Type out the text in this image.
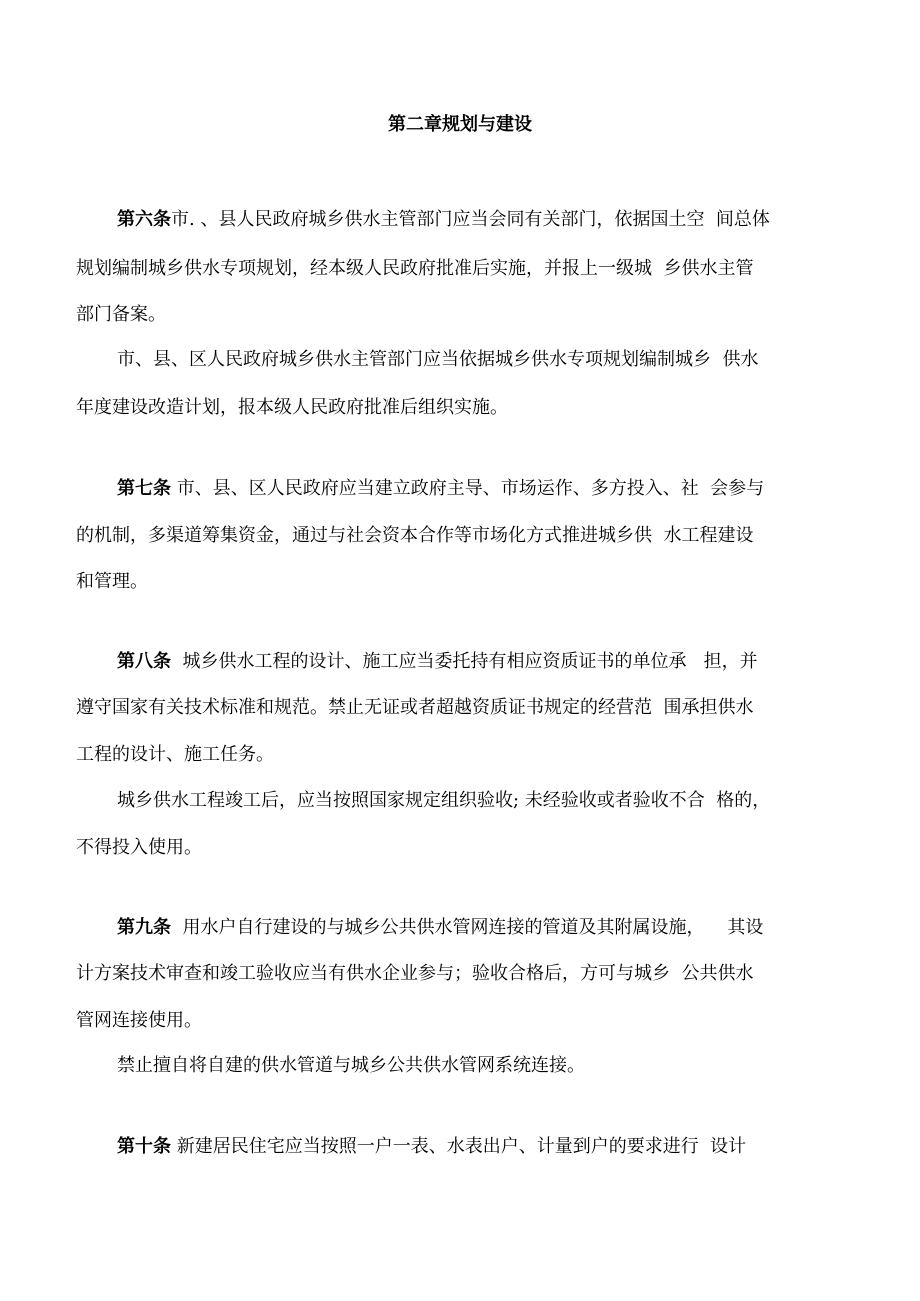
第二章规划与建设
第六条市. 、县人民政府城乡供水主管部门应当会同有关部门，依据国土空  间总体
规划编制城乡供水专项规划，经本级人民政府批准后实施，并报上一级城  乡供水主管
部门备案。
市、县、区人民政府城乡供水主管部门应当依据城乡供水专项规划编制城乡  供水
年度建设改造计划，报本级人民政府批准后组织实施。
第七条 市、县、区人民政府应当建立政府主导、市场运作、多方投入、社  会参与
的机制，多渠道筹集资金，通过与社会资本合作等市场化方式推进城乡供  水工程建设
和管理。
第八条  城乡供水工程的设计、施工应当委托持有相应资质证书的单位承   担，并
遵守国家有关技术标准和规范。禁止无证或者超越资质证书规定的经营范  围承担供水
工程的设计、施工任务。
城乡供水工程竣工后，应当按照国家规定组织验收; 未经验收或者验收不合  格的，
不得投入使用。
第九条  用水户自行建设的与城乡公共供水管网连接的管道及其附属设施，    其设
计方案技术审查和竣工验收应当有供水企业参与；验收合格后，方可与城乡  公共供水
管网连接使用。
禁止擅自将自建的供水管道与城乡公共供水管网系统连接。
第十条 新建居民住宅应当按照一户一表、水表出户、计量到户的要求进行  设计
